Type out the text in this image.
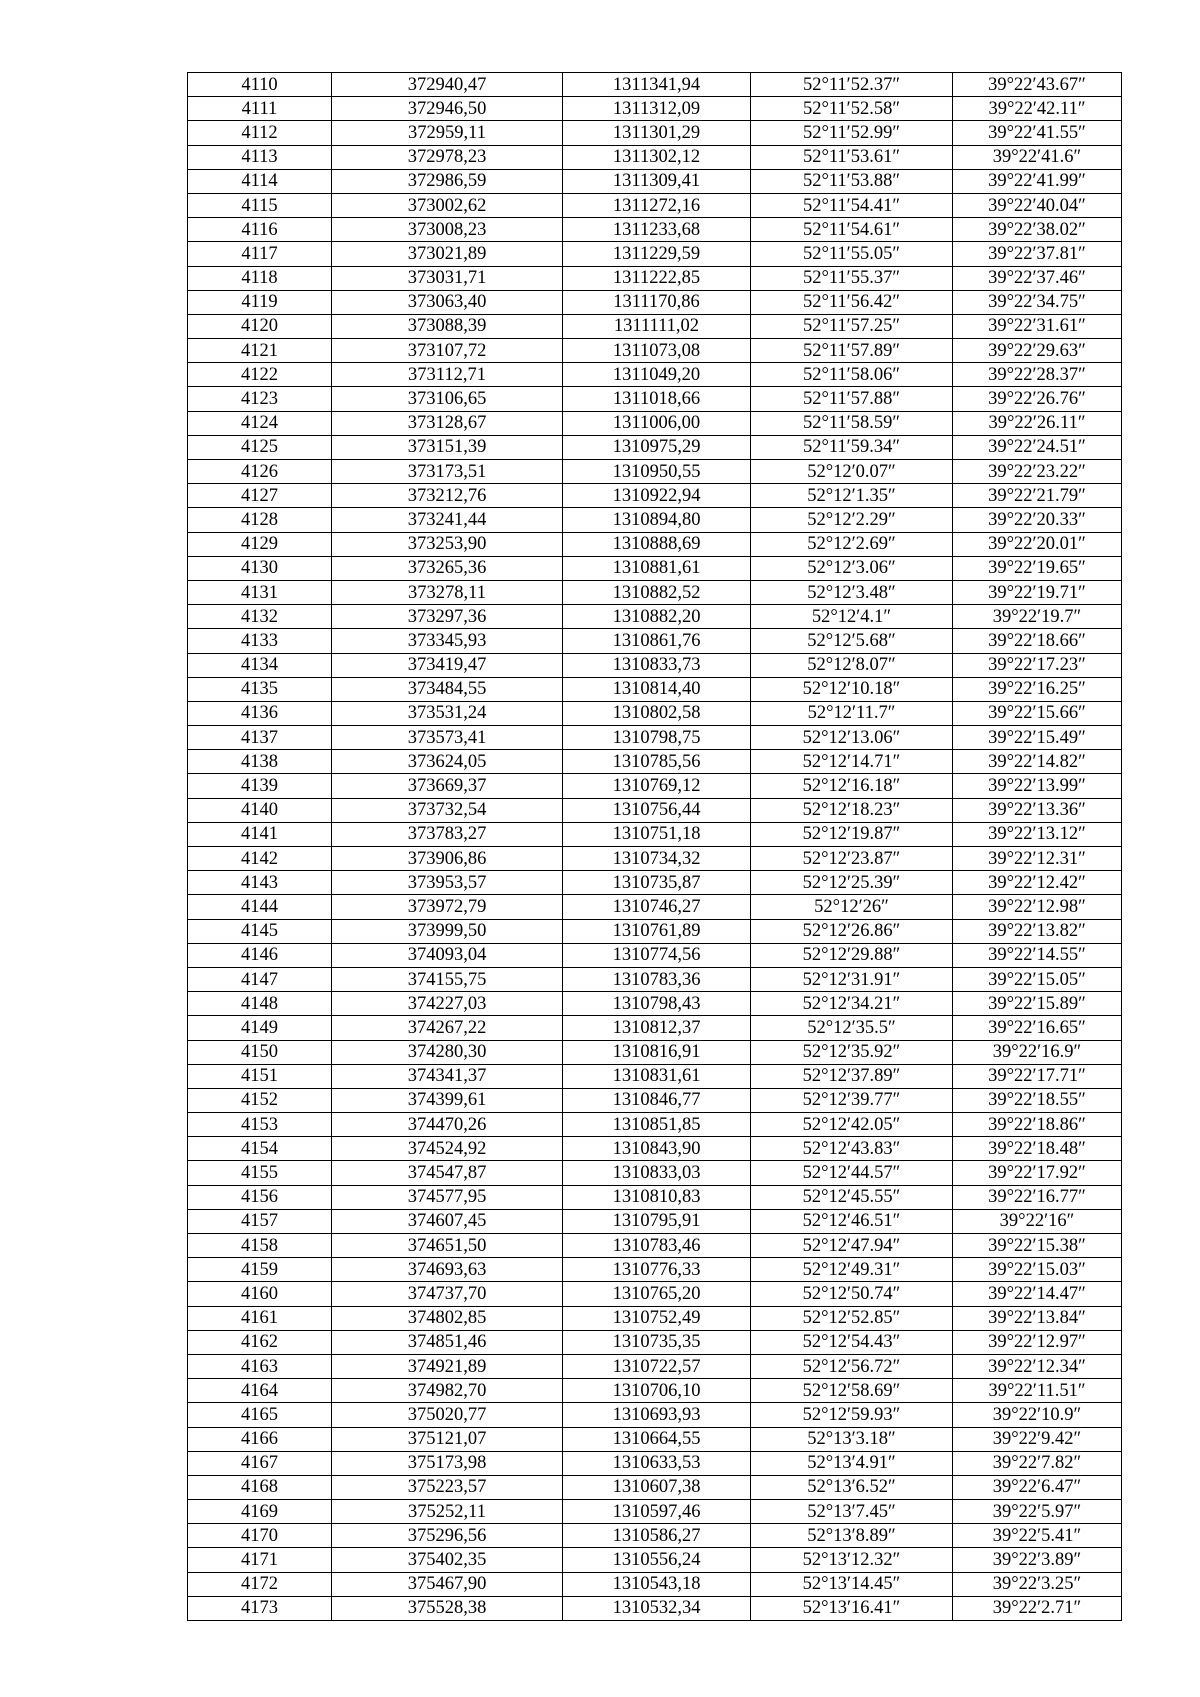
4110	372940,47	1311341,94	52°11′52.37″	39°22′43.67″
4111	372946,50	1311312,09	52°11′52.58″	39°22′42.11″
4112	372959,11	1311301,29	52°11′52.99″	39°22′41.55″
4113	372978,23	1311302,12	52°11′53.61″	39°22′41.6″
4114	372986,59	1311309,41	52°11′53.88″	39°22′41.99″
4115	373002,62	1311272,16	52°11′54.41″	39°22′40.04″
4116	373008,23	1311233,68	52°11′54.61″	39°22′38.02″
4117	373021,89	1311229,59	52°11′55.05″	39°22′37.81″
4118	373031,71	1311222,85	52°11′55.37″	39°22′37.46″
4119	373063,40	1311170,86	52°11′56.42″	39°22′34.75″
4120	373088,39	1311111,02	52°11′57.25″	39°22′31.61″
4121	373107,72	1311073,08	52°11′57.89″	39°22′29.63″
4122	373112,71	1311049,20	52°11′58.06″	39°22′28.37″
4123	373106,65	1311018,66	52°11′57.88″	39°22′26.76″
4124	373128,67	1311006,00	52°11′58.59″	39°22′26.11″
4125	373151,39	1310975,29	52°11′59.34″	39°22′24.51″
4126	373173,51	1310950,55	52°12′0.07″	39°22′23.22″
4127	373212,76	1310922,94	52°12′1.35″	39°22′21.79″
4128	373241,44	1310894,80	52°12′2.29″	39°22′20.33″
4129	373253,90	1310888,69	52°12′2.69″	39°22′20.01″
4130	373265,36	1310881,61	52°12′3.06″	39°22′19.65″
4131	373278,11	1310882,52	52°12′3.48″	39°22′19.71″
4132	373297,36	1310882,20	52°12′4.1″	39°22′19.7″
4133	373345,93	1310861,76	52°12′5.68″	39°22′18.66″
4134	373419,47	1310833,73	52°12′8.07″	39°22′17.23″
4135	373484,55	1310814,40	52°12′10.18″	39°22′16.25″
4136	373531,24	1310802,58	52°12′11.7″	39°22′15.66″
4137	373573,41	1310798,75	52°12′13.06″	39°22′15.49″
4138	373624,05	1310785,56	52°12′14.71″	39°22′14.82″
4139	373669,37	1310769,12	52°12′16.18″	39°22′13.99″
4140	373732,54	1310756,44	52°12′18.23″	39°22′13.36″
4141	373783,27	1310751,18	52°12′19.87″	39°22′13.12″
4142	373906,86	1310734,32	52°12′23.87″	39°22′12.31″
4143	373953,57	1310735,87	52°12′25.39″	39°22′12.42″
4144	373972,79	1310746,27	52°12′26″	39°22′12.98″
4145	373999,50	1310761,89	52°12′26.86″	39°22′13.82″
4146	374093,04	1310774,56	52°12′29.88″	39°22′14.55″
4147	374155,75	1310783,36	52°12′31.91″	39°22′15.05″
4148	374227,03	1310798,43	52°12′34.21″	39°22′15.89″
4149	374267,22	1310812,37	52°12′35.5″	39°22′16.65″
4150	374280,30	1310816,91	52°12′35.92″	39°22′16.9″
4151	374341,37	1310831,61	52°12′37.89″	39°22′17.71″
4152	374399,61	1310846,77	52°12′39.77″	39°22′18.55″
4153	374470,26	1310851,85	52°12′42.05″	39°22′18.86″
4154	374524,92	1310843,90	52°12′43.83″	39°22′18.48″
4155	374547,87	1310833,03	52°12′44.57″	39°22′17.92″
4156	374577,95	1310810,83	52°12′45.55″	39°22′16.77″
4157	374607,45	1310795,91	52°12′46.51″	39°22′16″
4158	374651,50	1310783,46	52°12′47.94″	39°22′15.38″
4159	374693,63	1310776,33	52°12′49.31″	39°22′15.03″
4160	374737,70	1310765,20	52°12′50.74″	39°22′14.47″
4161	374802,85	1310752,49	52°12′52.85″	39°22′13.84″
4162	374851,46	1310735,35	52°12′54.43″	39°22′12.97″
4163	374921,89	1310722,57	52°12′56.72″	39°22′12.34″
4164	374982,70	1310706,10	52°12′58.69″	39°22′11.51″
4165	375020,77	1310693,93	52°12′59.93″	39°22′10.9″
4166	375121,07	1310664,55	52°13′3.18″	39°22′9.42″
4167	375173,98	1310633,53	52°13′4.91″	39°22′7.82″
4168	375223,57	1310607,38	52°13′6.52″	39°22′6.47″
4169	375252,11	1310597,46	52°13′7.45″	39°22′5.97″
4170	375296,56	1310586,27	52°13′8.89″	39°22′5.41″
4171	375402,35	1310556,24	52°13′12.32″	39°22′3.89″
4172	375467,90	1310543,18	52°13′14.45″	39°22′3.25″
4173	375528,38	1310532,34	52°13′16.41″	39°22′2.71″
